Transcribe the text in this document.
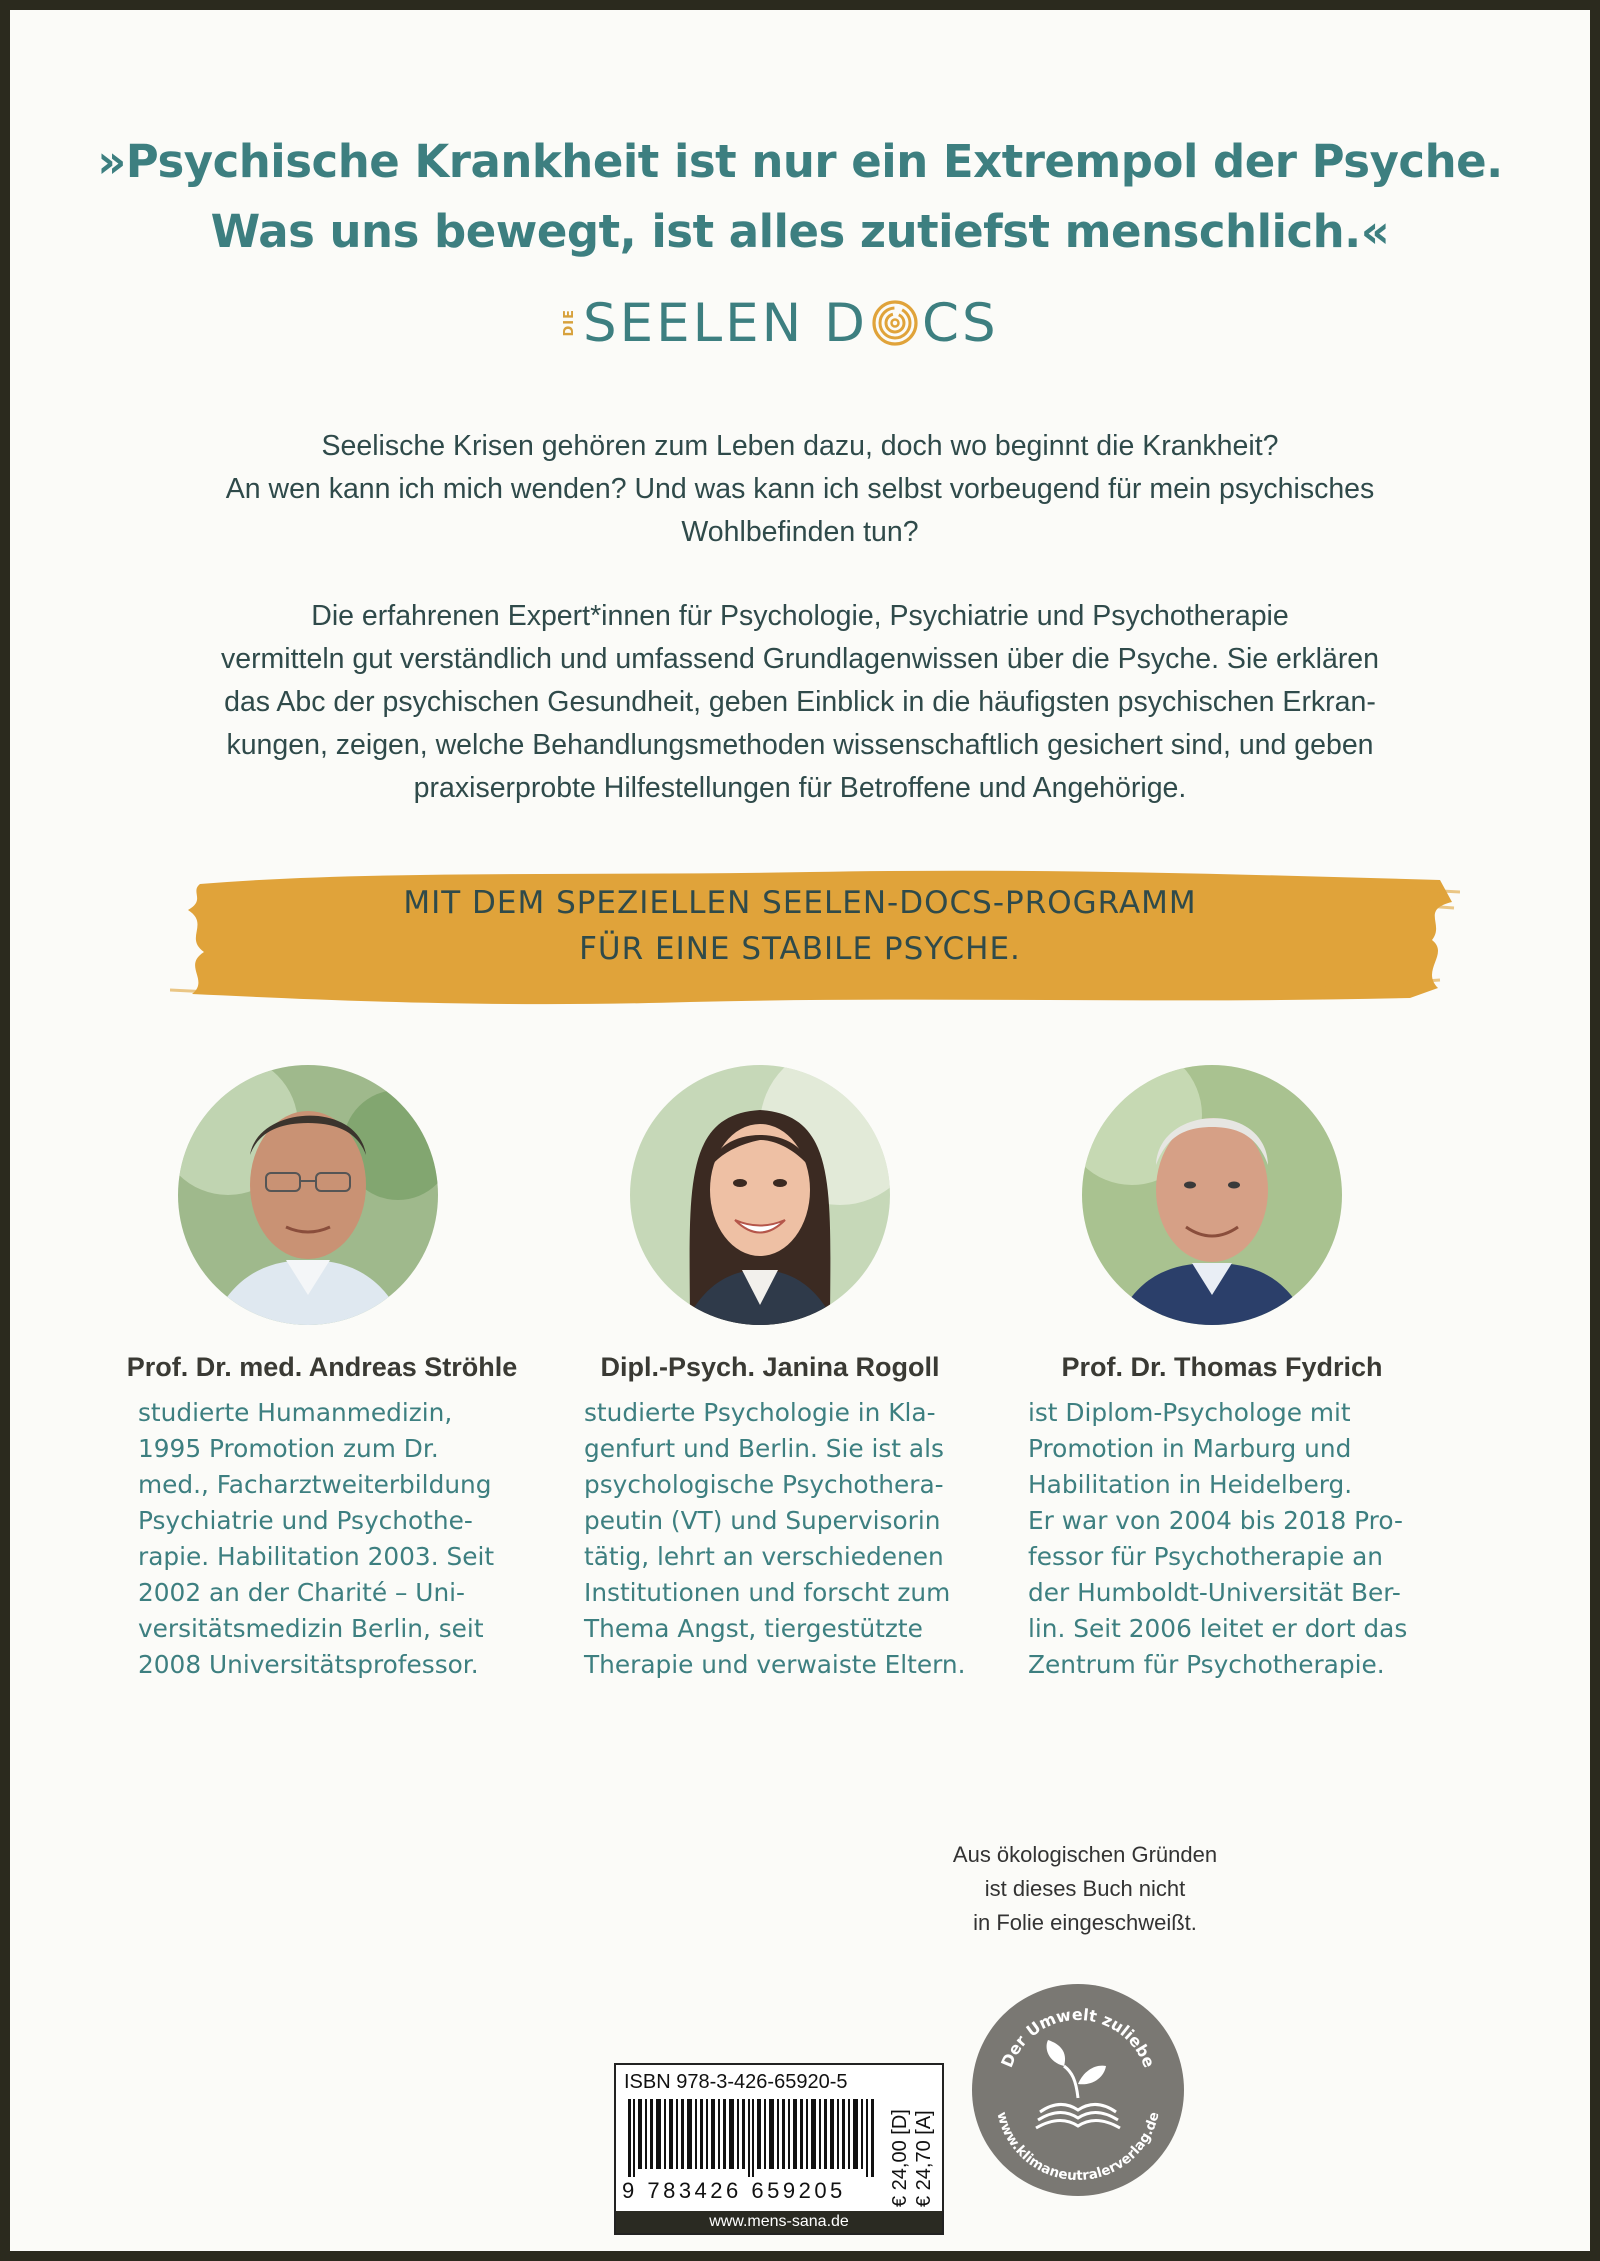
»Psychische Krankheit ist nur ein Extrempol der Psyche.
Was uns bewegt, ist alles zutiefst menschlich.«
DIE SEELEN D CS
Seelische Krisen gehören zum Leben dazu, doch wo beginnt die Krankheit?
An wen kann ich mich wenden? Und was kann ich selbst vorbeugend für mein psychisches
Wohlbefinden tun?
Die erfahrenen Expert*innen für Psychologie, Psychiatrie und Psychotherapie
vermitteln gut verständlich und umfassend Grundlagenwissen über die Psyche. Sie erklären
das Abc der psychischen Gesundheit, geben Einblick in die häufigsten psychischen Erkran-
kungen, zeigen, welche Behandlungsmethoden wissenschaftlich gesichert sind, und geben
praxiserprobte Hilfestellungen für Betroffene und Angehörige.
MIT DEM SPEZIELLEN SEELEN-DOCS-PROGRAMM
FÜR EINE STABILE PSYCHE.
Prof. Dr. med. Andreas Ströhle
studierte Humanmedizin,
1995 Promotion zum Dr.
med., Facharztweiterbildung
Psychiatrie und Psychothe-
rapie. Habilitation 2003. Seit
2002 an der Charité – Uni-
versitätsmedizin Berlin, seit
2008 Universitätsprofessor.
Dipl.-Psych. Janina Rogoll
studierte Psychologie in Kla-
genfurt und Berlin. Sie ist als
psychologische Psychothera-
peutin (VT) und Supervisorin
tätig, lehrt an verschiedenen
Institutionen und forscht zum
Thema Angst, tiergestützte
Therapie und verwaiste Eltern.
Prof. Dr. Thomas Fydrich
ist Diplom-Psychologe mit
Promotion in Marburg und
Habilitation in Heidelberg.
Er war von 2004 bis 2018 Pro-
fessor für Psychotherapie an
der Humboldt-Universität Ber-
lin. Seit 2006 leitet er dort das
Zentrum für Psychotherapie.
Aus ökologischen Gründen
ist dieses Buch nicht
in Folie eingeschweißt.
Der Umwelt zuliebe
www.klimaneutralerverlag.de
ISBN 978-3-426-65920-5
9 783426 659205 € 24,00 [D] € 24,70 [A]
www.mens-sana.de
